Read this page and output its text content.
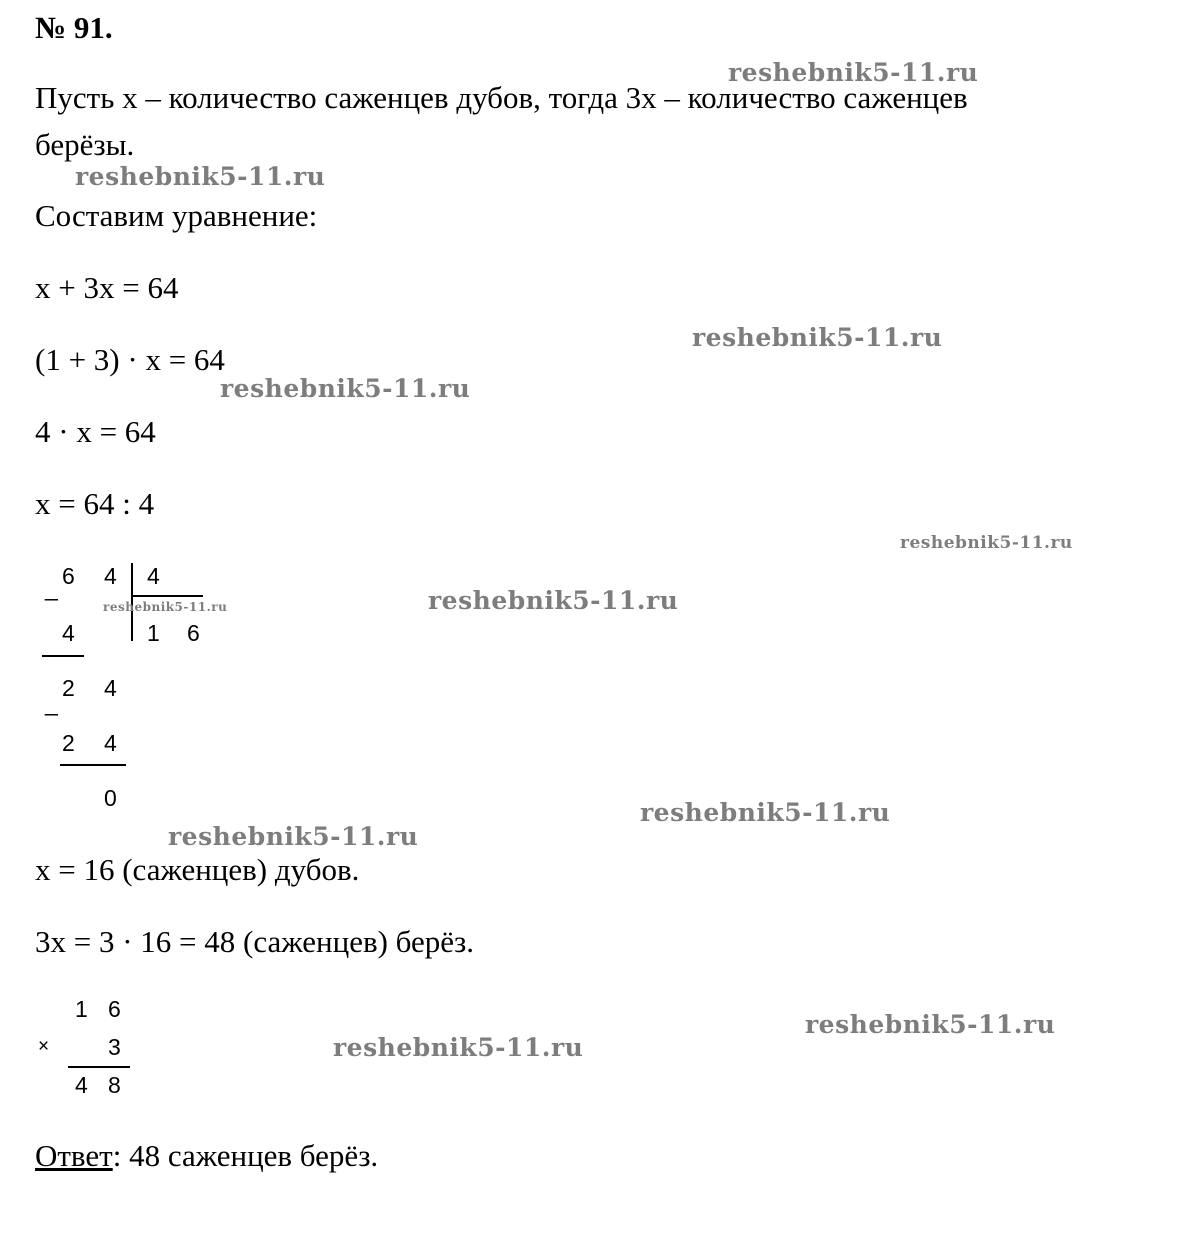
№ 91.
Пусть x – количество саженцев дубов, тогда 3x – количество саженцев
берёзы.
Составим уравнение:
x + 3x = 64
(1 + 3) · x = 64
4 · x = 64
x = 64 : 4
_ 6 4 4
1 6
4
_
2 4
2 4
0
x = 16 (саженцев) дубов.
3x = 3 · 16 = 48 (саженцев) берёз.
1 6
×	3
4 8
Ответ: 48 саженцев берёз.
reshebnik5-11.ru
reshebnik5-11.ru
reshebnik5-11.ru
reshebnik5-11.ru
reshebnik5-11.ru
reshebnik5-11.ru
reshebnik5-11.ru
reshebnik5-11.ru
reshebnik5-11.ru
reshebnik5-11.ru
reshebnik5-11.ru
